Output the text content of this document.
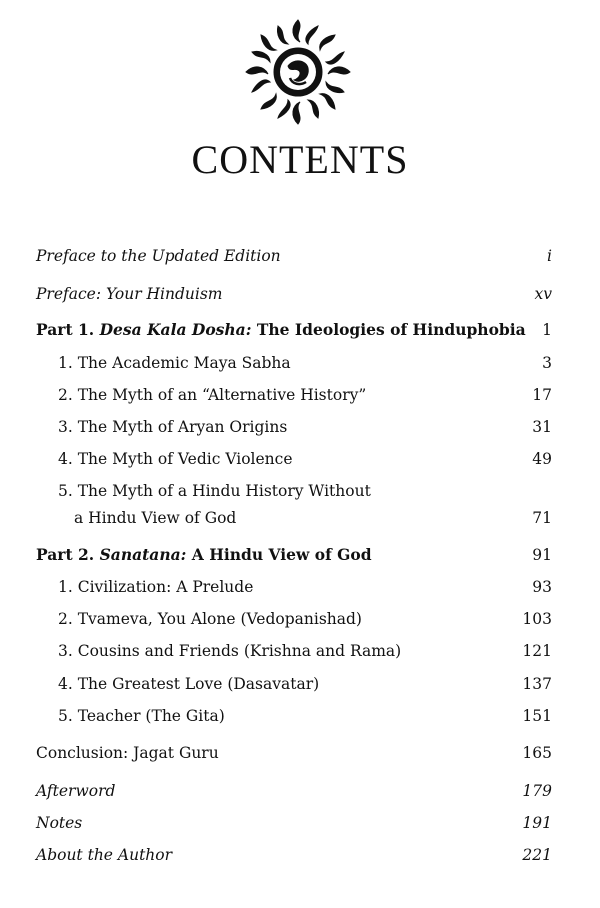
CONTENTS
Preface to the Updated Edition	i
Preface: Your Hinduism	xv
Part 1. Desa Kala Dosha: The Ideologies of Hinduphobia 1
1. The Academic Maya Sabha	3
2. The Myth of an “Alternative History”	17
3. The Myth of Aryan Origins	31
4. The Myth of Vedic Violence	49
5. The Myth of a Hindu History Without
a Hindu View of God	71
Part 2. Sanatana: A Hindu View of God	91
1. Civilization: A Prelude	93
2. Tvameva, You Alone (Vedopanishad)	103
3. Cousins and Friends (Krishna and Rama)	121
4. The Greatest Love (Dasavatar)	137
5. Teacher (The Gita)	151
Conclusion: Jagat Guru	165
Afterword	179
Notes	191
About the Author	221
